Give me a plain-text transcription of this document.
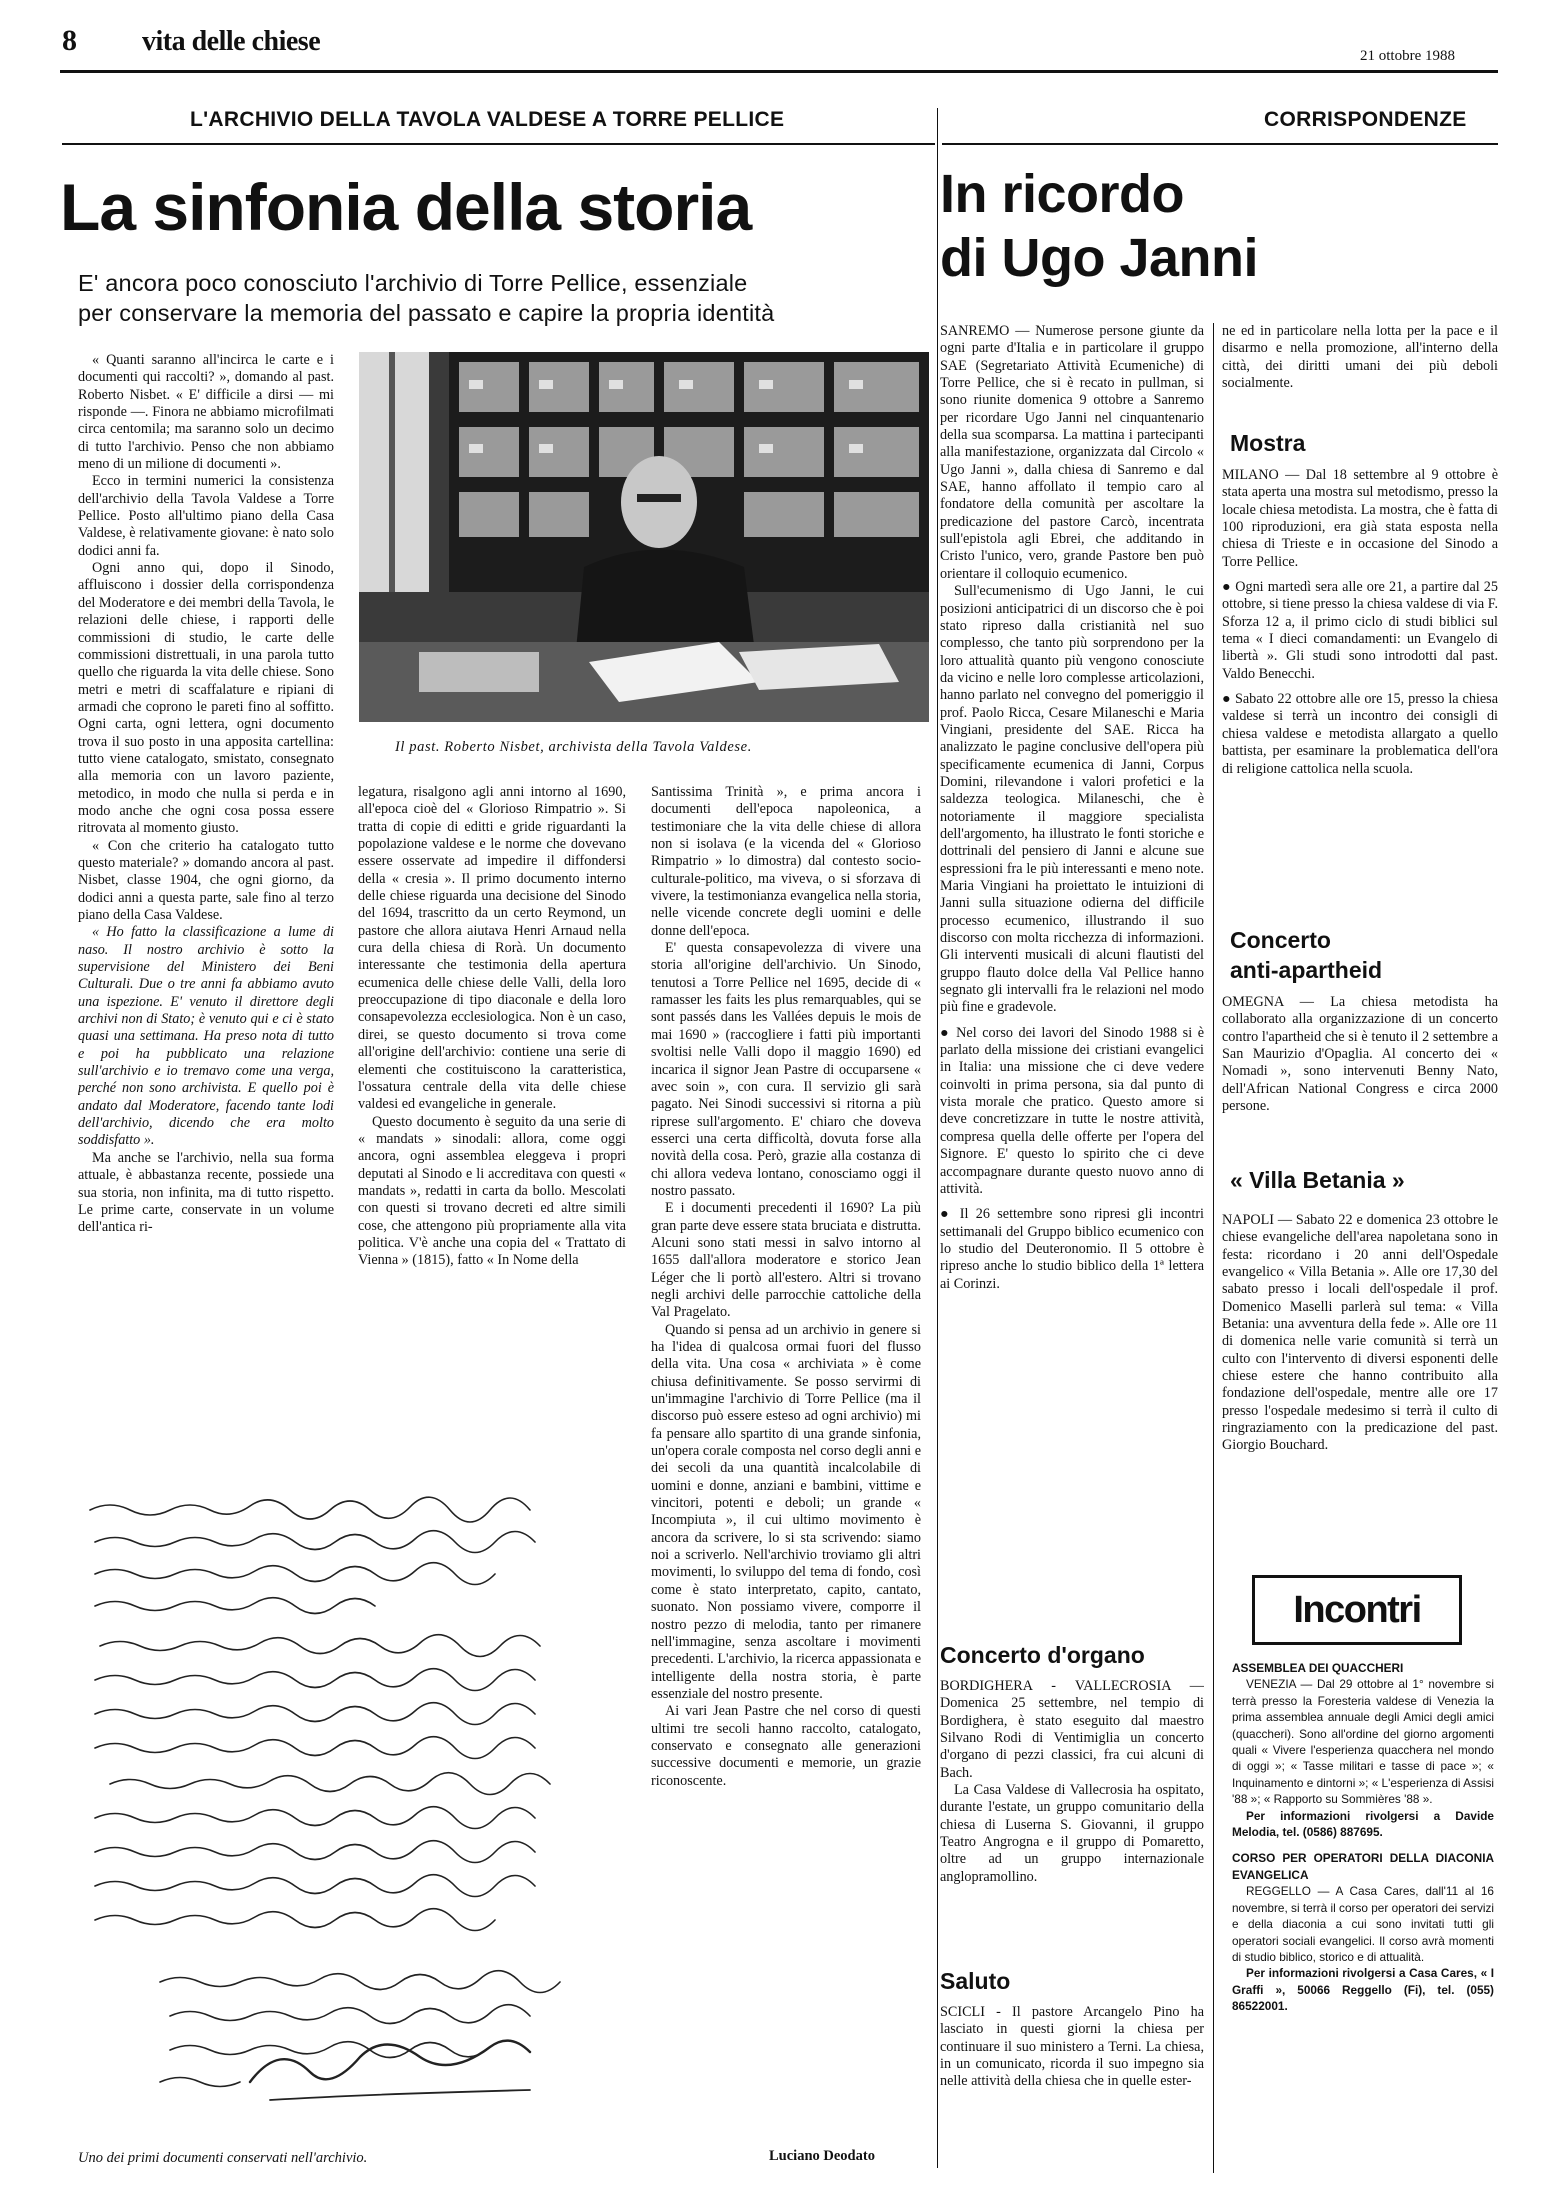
8 vita delle chiese	21 ottobre 1988
L'ARCHIVIO DELLA TAVOLA VALDESE A TORRE PELLICE
La sinfonia della storia
E' ancora poco conosciuto l'archivio di Torre Pellice, essenziale
per conservare la memoria del passato e capire la propria identità
Il past. Roberto Nisbet, archivista della Tavola Valdese.

« Quanti saranno all'incirca le carte e i documenti qui raccolti? », domando al past. Roberto Nisbet. « E' difficile a dirsi — mi risponde —. Finora ne abbiamo microfilmati circa centomila; ma saranno solo un decimo di tutto l'archivio. Penso che non abbiamo meno di un milione di documenti ».

Ecco in termini numerici la consistenza dell'archivio della Tavola Valdese a Torre Pellice. Posto all'ultimo piano della Casa Valdese, è relativamente giovane: è nato solo dodici anni fa.

Ogni anno qui, dopo il Sinodo, affluiscono i dossier della corrispondenza del Moderatore e dei membri della Tavola, le relazioni delle chiese, i rapporti delle commissioni di studio, le carte delle commissioni distrettuali, in una parola tutto quello che riguarda la vita delle chiese. Sono metri e metri di scaffalature e ripiani di armadi che coprono le pareti fino al soffitto. Ogni carta, ogni lettera, ogni documento trova il suo posto in una apposita cartellina: tutto viene catalogato, smistato, consegnato alla memoria con un lavoro paziente, metodico, in modo che nulla si perda e in modo anche che ogni cosa possa essere ritrovata al momento giusto.

« Con che criterio ha catalogato tutto questo materiale? » domando ancora al past. Nisbet, classe 1904, che ogni giorno, da dodici anni a questa parte, sale fino al terzo piano della Casa Valdese.

« Ho fatto la classificazione a lume di naso. Il nostro archivio è sotto la supervisione del Ministero dei Beni Culturali. Due o tre anni fa abbiamo avuto una ispezione. E' venuto il direttore degli archivi non di Stato; è venuto qui e ci è stato quasi una settimana. Ha preso nota di tutto e poi ha pubblicato una relazione sull'archivio e io tremavo come una verga, perché non sono archivista. E quello poi è andato dal Moderatore, facendo tante lodi dell'archivio, dicendo che era molto soddisfatto ».

Ma anche se l'archivio, nella sua forma attuale, è abbastanza recente, possiede una sua storia, non infinita, ma di tutto rispetto. Le prime carte, conservate in un volume dell'antica ri-

legatura, risalgono agli anni intorno al 1690, all'epoca cioè del « Glorioso Rimpatrio ». Si tratta di copie di editti e gride riguardanti la popolazione valdese e le norme che dovevano essere osservate ad impedire il diffondersi della « cresia ». Il primo documento interno delle chiese riguarda una decisione del Sinodo del 1694, trascritto da un certo Reymond, un pastore che allora aiutava Henri Arnaud nella cura della chiesa di Rorà. Un documento interessante che testimonia della apertura ecumenica delle chiese delle Valli, della loro preoccupazione di tipo diaconale e della loro consapevolezza ecclesiologica. Non è un caso, direi, se questo documento si trova come all'origine dell'archivio: contiene una serie di elementi che costituiscono la caratteristica, l'ossatura centrale della vita delle chiese valdesi ed evangeliche in generale.

Questo documento è seguito da una serie di « mandats » sinodali: allora, come oggi ancora, ogni assemblea eleggeva i propri deputati al Sinodo e li accreditava con questi « mandats », redatti in carta da bollo. Mescolati con questi si trovano decreti ed altre simili cose, che attengono più propriamente alla vita politica. V'è anche una copia del « Trattato di Vienna » (1815), fatto « In Nome della

Santissima Trinità », e prima ancora i documenti dell'epoca napoleonica, a testimoniare che la vita delle chiese di allora non si isolava (e la vicenda del « Glorioso Rimpatrio » lo dimostra) dal contesto socio-culturale-politico, ma viveva, o si sforzava di vivere, la testimonianza evangelica nella storia, nelle vicende concrete degli uomini e delle donne dell'epoca.

E' questa consapevolezza di vivere una storia all'origine dell'archivio. Un Sinodo, tenutosi a Torre Pellice nel 1695, decide di « ramasser les faits les plus remarquables, qui se sont passés dans les Vallées depuis le mois de mai 1690 » (raccogliere i fatti più importanti svoltisi nelle Valli dopo il maggio 1690) ed incarica il signor Jean Pastre di occuparsene « avec soin », con cura. Il servizio gli sarà pagato. Nei Sinodi successivi si ritorna a più riprese sull'argomento. E' chiaro che doveva esserci una certa difficoltà, dovuta forse alla novità della cosa. Però, grazie alla costanza di chi allora vedeva lontano, conosciamo oggi il nostro passato.

E i documenti precedenti il 1690? La più gran parte deve essere stata bruciata e distrutta. Alcuni sono stati messi in salvo intorno al 1655 dall'allora moderatore e storico Jean Léger che li portò all'estero. Altri si trovano negli archivi delle parrocchie cattoliche della Val Pragelato.

Quando si pensa ad un archivio in genere si ha l'idea di qualcosa ormai fuori del flusso della vita. Una cosa « archiviata » è come chiusa definitivamente. Se posso servirmi di un'immagine l'archivio di Torre Pellice (ma il discorso può essere esteso ad ogni archivio) mi fa pensare allo spartito di una grande sinfonia, un'opera corale composta nel corso degli anni e dei secoli da una quantità incalcolabile di uomini e donne, anziani e bambini, vittime e vincitori, potenti e deboli; un grande « Incompiuta », il cui ultimo movimento è ancora da scrivere, lo si sta scrivendo: siamo noi a scriverlo. Nell'archivio troviamo gli altri movimenti, lo sviluppo del tema di fondo, così come è stato interpretato, capito, cantato, suonato. Non possiamo vivere, comporre il nostro pezzo di melodia, tanto per rimanere nell'immagine, senza ascoltare i movimenti precedenti. L'archivio, la ricerca appassionata e intelligente della nostra storia, è parte essenziale del nostro presente.

Ai vari Jean Pastre che nel corso di questi ultimi tre secoli hanno raccolto, catalogato, conservato e consegnato alle generazioni successive documenti e memorie, un grazie riconoscente.

Luciano Deodato
Uno dei primi documenti conservati nell'archivio.
CORRISPONDENZE
In ricordo
di Ugo Janni

SANREMO — Numerose persone giunte da ogni parte d'Italia e in particolare il gruppo SAE (Segretariato Attività Ecumeniche) di Torre Pellice, che si è recato in pullman, si sono riunite domenica 9 ottobre a Sanremo per ricordare Ugo Janni nel cinquantenario della sua scomparsa. La mattina i partecipanti alla manifestazione, organizzata dal Circolo « Ugo Janni », dalla chiesa di Sanremo e dal SAE, hanno affollato il tempio caro al fondatore della comunità per ascoltare la predicazione del pastore Carcò, incentrata sull'epistola agli Ebrei, che additando in Cristo l'unico, vero, grande Pastore ben può orientare il colloquio ecumenico.

Sull'ecumenismo di Ugo Janni, le cui posizioni anticipatrici di un discorso che è poi stato ripreso dalla cristianità nel suo complesso, che tanto più sorprendono per la loro attualità quanto più vengono conosciute da vicino e nelle loro complesse articolazioni, hanno parlato nel convegno del pomeriggio il prof. Paolo Ricca, Cesare Milaneschi e Maria Vingiani, presidente del SAE. Ricca ha analizzato le pagine conclusive dell'opera più specificamente ecumenica di Janni, Corpus Domini, rilevandone i valori profetici e la saldezza teologica. Milaneschi, che è notoriamente il maggiore specialista dell'argomento, ha illustrato le fonti storiche e dottrinali del pensiero di Janni e alcune sue espressioni fra le più interessanti e meno note. Maria Vingiani ha proiettato le intuizioni di Janni sulla situazione odierna del difficile processo ecumenico, illustrando il suo discorso con molta ricchezza di informazioni. Gli interventi musicali di alcuni flautisti del gruppo flauto dolce della Val Pellice hanno segnato gli intervalli fra le relazioni nel modo più fine e gradevole.

● Nel corso dei lavori del Sinodo 1988 si è parlato della missione dei cristiani evangelici in Italia: una missione che ci deve vedere coinvolti in prima persona, sia dal punto di vista morale che pratico. Questo amore si deve concretizzare in tutte le nostre attività, compresa quella delle offerte per l'opera del Signore. E' questo lo spirito che ci deve accompagnare durante questo nuovo anno di attività.

● Il 26 settembre sono ripresi gli incontri settimanali del Gruppo biblico ecumenico con lo studio del Deuteronomio. Il 5 ottobre è ripreso anche lo studio biblico della 1ª lettera ai Corinzi.

Concerto d'organo

BORDIGHERA - VALLECROSIA — Domenica 25 settembre, nel tempio di Bordighera, è stato eseguito dal maestro Silvano Rodi di Ventimiglia un concerto d'organo di pezzi classici, fra cui alcuni di Bach.

La Casa Valdese di Vallecrosia ha ospitato, durante l'estate, un gruppo comunitario della chiesa di Luserna S. Giovanni, il gruppo Teatro Angrogna e il gruppo di Pomaretto, oltre ad un gruppo internazionale anglopramollino.

Saluto

SCICLI - Il pastore Arcangelo Pino ha lasciato in questi giorni la chiesa per continuare il suo ministero a Terni. La chiesa, in un comunicato, ricorda il suo impegno sia nelle attività della chiesa che in quelle ester-

ne ed in particolare nella lotta per la pace e il disarmo e nella promozione, all'interno della città, dei diritti umani dei più deboli socialmente.

Mostra

MILANO — Dal 18 settembre al 9 ottobre è stata aperta una mostra sul metodismo, presso la locale chiesa metodista. La mostra, che è fatta di 100 riproduzioni, era già stata esposta nella chiesa di Trieste e in occasione del Sinodo a Torre Pellice.

● Ogni martedì sera alle ore 21, a partire dal 25 ottobre, si tiene presso la chiesa valdese di via F. Sforza 12 a, il primo ciclo di studi biblici sul tema « I dieci comandamenti: un Evangelo di libertà ». Gli studi sono introdotti dal past. Valdo Benecchi.

● Sabato 22 ottobre alle ore 15, presso la chiesa valdese si terrà un incontro dei consigli di chiesa valdese e metodista allargato a quello battista, per esaminare la problematica dell'ora di religione cattolica nella scuola.

Concerto
anti-apartheid

OMEGNA — La chiesa metodista ha collaborato alla organizzazione di un concerto contro l'apartheid che si è tenuto il 2 settembre a San Maurizio d'Opaglia. Al concerto dei « Nomadi », sono intervenuti Benny Nato, dell'African National Congress e circa 2000 persone.

« Villa Betania »

NAPOLI — Sabato 22 e domenica 23 ottobre le chiese evangeliche dell'area napoletana sono in festa: ricordano i 20 anni dell'Ospedale evangelico « Villa Betania ». Alle ore 17,30 del sabato presso i locali dell'ospedale il prof. Domenico Maselli parlerà sul tema: « Villa Betania: una avventura della fede ». Alle ore 11 di domenica nelle varie comunità si terrà un culto con l'intervento di diversi esponenti delle chiese estere che hanno contribuito alla fondazione dell'ospedale, mentre alle ore 17 presso l'ospedale medesimo si terrà il culto di ringraziamento con la predicazione del past. Giorgio Bouchard.

Incontri
ASSEMBLEA DEI QUACCHERI
VENEZIA — Dal 29 ottobre al 1° novembre si terrà presso la Foresteria valdese di Venezia la prima assemblea annuale degli Amici degli amici (quaccheri). Sono all'ordine del giorno argomenti quali « Vivere l'esperienza quacchera nel mondo di oggi »; « Tasse militari e tasse di pace »; « Inquinamento e dintorni »; « L'esperienza di Assisi '88 »; « Rapporto su Sommières '88 ».
Per informazioni rivolgersi a Davide Melodia, tel. (0586) 887695.
CORSO PER OPERATORI DELLA DIACONIA EVANGELICA
REGGELLO — A Casa Cares, dall'11 al 16 novembre, si terrà il corso per operatori dei servizi e della diaconia a cui sono invitati tutti gli operatori sociali evangelici. Il corso avrà momenti di studio biblico, storico e di attualità.
Per informazioni rivolgersi a Casa Cares, « I Graffi », 50066 Reggello (Fi), tel. (055) 86522001.
